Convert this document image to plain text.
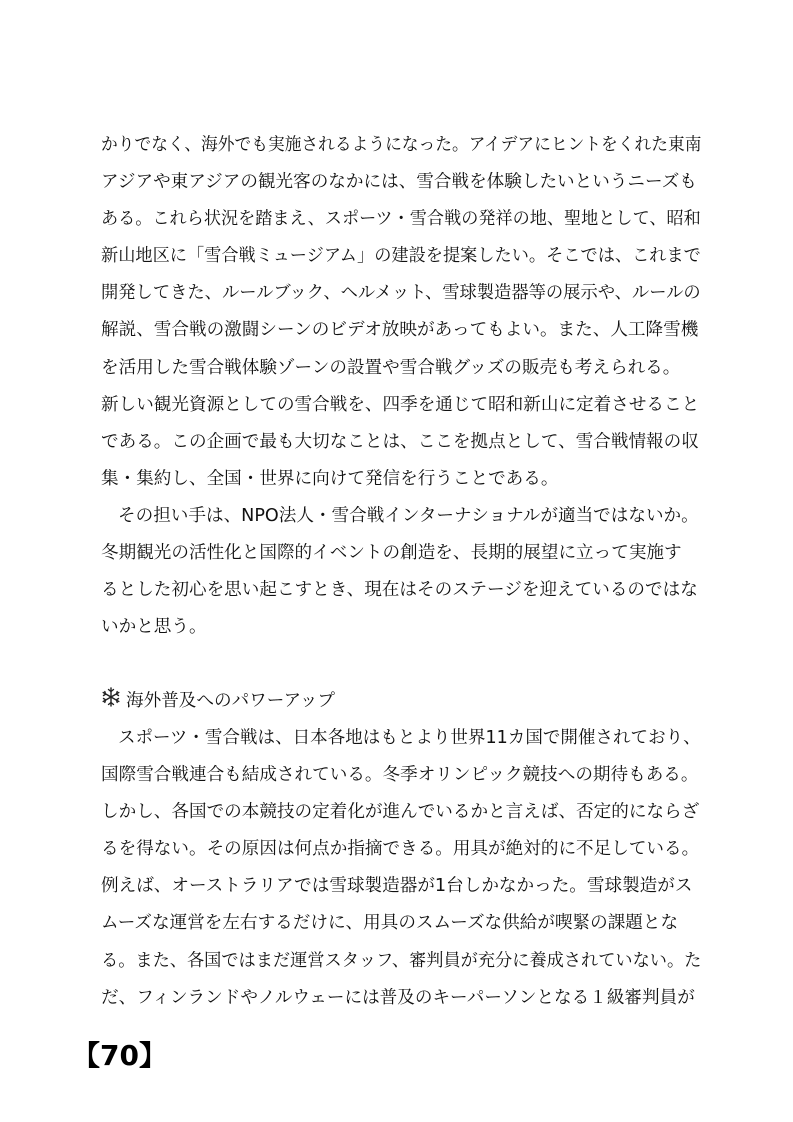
かりでなく、海外でも実施されるようになった。アイデアにヒントをくれた東南
アジアや東アジアの観光客のなかには、雪合戦を体験したいというニーズも
ある。これら状況を踏まえ、スポーツ・雪合戦の発祥の地、聖地として、昭和
新山地区に「雪合戦ミュージアム」の建設を提案したい。そこでは、これまで
開発してきた、ルールブック、ヘルメット、雪球製造器等の展示や、ルールの
解説、雪合戦の激闘シーンのビデオ放映があってもよい。また、人工降雪機
を活用した雪合戦体験ゾーンの設置や雪合戦グッズの販売も考えられる。
新しい観光資源としての雪合戦を、四季を通じて昭和新山に定着させること
である。この企画で最も大切なことは、ここを拠点として、雪合戦情報の収
集・集約し、全国・世界に向けて発信を行うことである。
その担い手は、NPO法人・雪合戦インターナショナルが適当ではないか。
冬期観光の活性化と国際的イベントの創造を、長期的展望に立って実施す
るとした初心を思い起こすとき、現在はそのステージを迎えているのではな
いかと思う。
海外普及へのパワーアップ
スポーツ・雪合戦は、日本各地はもとより世界11カ国で開催されており、
国際雪合戦連合も結成されている。冬季オリンピック競技への期待もある。
しかし、各国での本競技の定着化が進んでいるかと言えば、否定的にならざ
るを得ない。その原因は何点か指摘できる。用具が絶対的に不足している。
例えば、オーストラリアでは雪球製造器が1台しかなかった。雪球製造がス
ムーズな運営を左右するだけに、用具のスムーズな供給が喫緊の課題とな
る。また、各国ではまだ運営スタッフ、審判員が充分に養成されていない。た
だ、フィンランドやノルウェーには普及のキーパーソンとなる１級審判員が
【70】
